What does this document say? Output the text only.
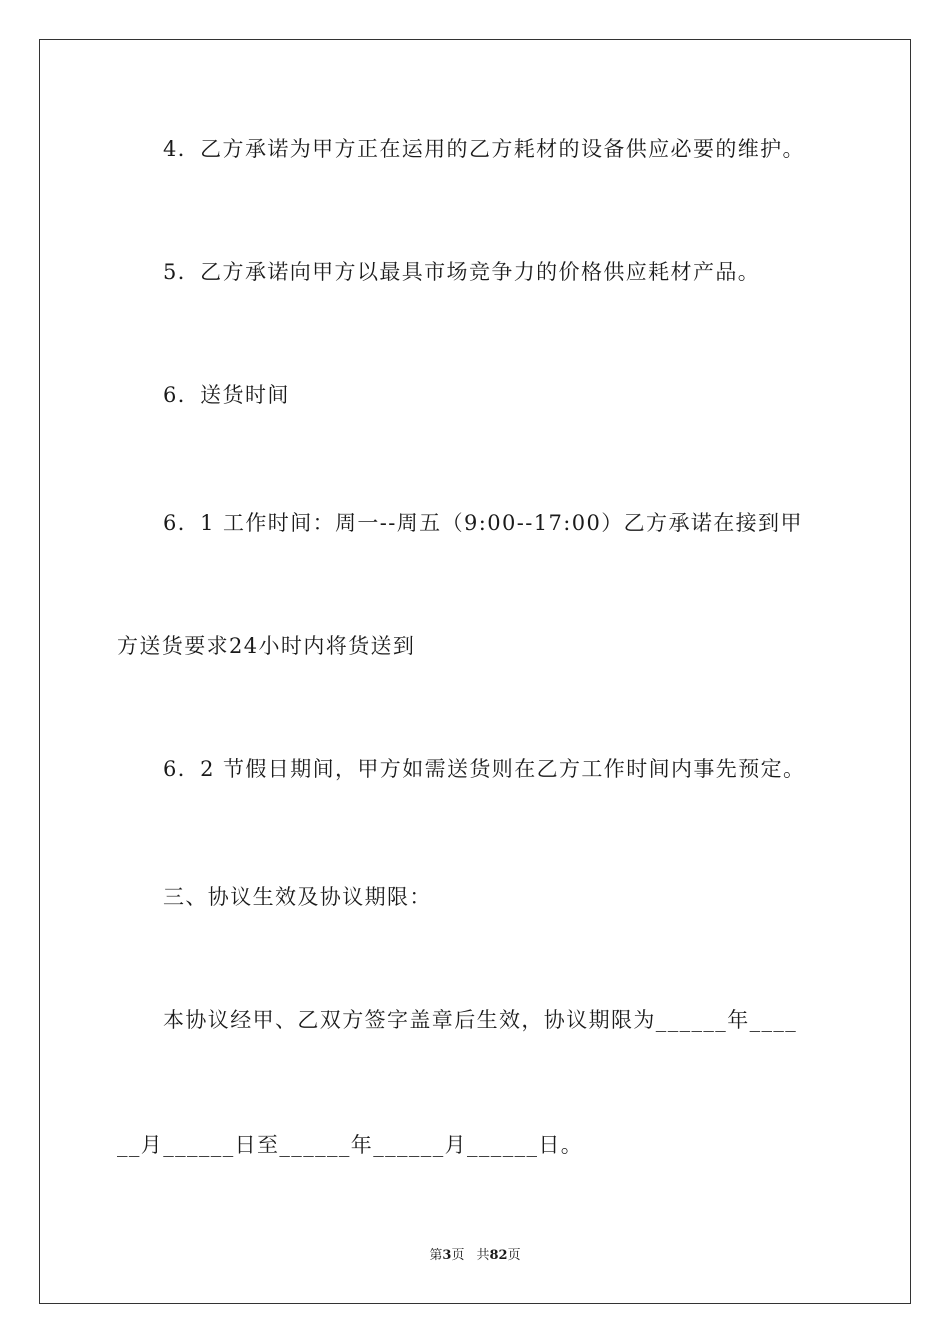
4．乙方承诺为甲方正在运用的乙方耗材的设备供应必要的维护。
5．乙方承诺向甲方以最具市场竞争力的价格供应耗材产品。
6．送货时间
6．1 工作时间：周一--周五（9:00--17:00）乙方承诺在接到甲
方送货要求24小时内将货送到
6．2 节假日期间，甲方如需送货则在乙方工作时间内事先预定。
三、协议生效及协议期限：
本协议经甲、乙双方签字盖章后生效，协议期限为______年____
__月______日至______年______月______日。
第3页 共82页
